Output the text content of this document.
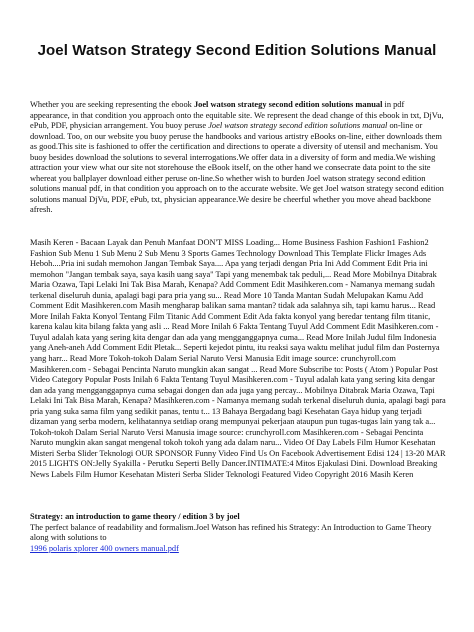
Joel Watson Strategy Second Edition Solutions Manual

Whether you are seeking representing the ebook Joel watson strategy second edition solutions manual in pdf appearance, in that condition you approach onto the equitable site. We represent the dead change of this ebook in txt, DjVu, ePub, PDF, physician arrangement. You buoy peruse Joel watson strategy second edition solutions manual on-line or download. Too, on our website you buoy peruse the handbooks and various artistry eBooks on-line, either downloads them as good.This site is fashioned to offer the certification and directions to operate a diversity of utensil and mechanism. You buoy besides download the solutions to several interrogations.We offer data in a diversity of form and media.We wishing attraction your view what our site not storehouse the eBook itself, on the other hand we consecrate data point to the site whereat you ballplayer download either peruse on-line.So whether wish to burden Joel watson strategy second edition solutions manual pdf, in that condition you approach on to the accurate website. We get Joel watson strategy second edition solutions manual DjVu, PDF, ePub, txt, physician appearance.We desire be cheerful whether you move ahead backbone afresh.

Masih Keren - Bacaan Layak dan Penuh Manfaat DON'T MISS Loading... Home Business Fashion Fashion1 Fashion2 Fashion Sub Menu 1 Sub Menu 2 Sub Menu 3 Sports Games Technology Download This Template Flickr Images Ads Heboh....Pria ini sudah memohon Jangan Tembak Saya.... Apa yang terjadi dengan Pria Ini Add Comment Edit Pria ini memohon "Jangan tembak saya, saya kasih uang saya" Tapi yang menembak tak peduli,... Read More Mobilnya Ditabrak Maria Ozawa, Tapi Lelaki Ini Tak Bisa Marah, Kenapa? Add Comment Edit Masihkeren.com - Namanya memang sudah terkenal diseluruh dunia, apalagi bagi para pria yang su... Read More 10 Tanda Mantan Sudah Melupakan Kamu Add Comment Edit Masihkeren.com Masih mengharap balikan sama mantan? tidak ada salahnya sih, tapi kamu harus... Read More Inilah Fakta Konyol Tentang Film Titanic Add Comment Edit Ada fakta konyol yang beredar tentang film titanic, karena kalau kita bilang fakta yang asli ... Read More Inilah 6 Fakta Tentang Tuyul Add Comment Edit Masihkeren.com - Tuyul adalah kata yang sering kita dengar dan ada yang mengganggapnya cuma... Read More Inilah Judul film Indonesia yang Aneh-aneh Add Comment Edit Pletak... Seperti kejedot pintu, itu reaksi saya waktu melihat judul film dan Posternya yang harr... Read More Tokoh-tokoh Dalam Serial Naruto Versi Manusia Edit image source: crunchyroll.com Masihkeren.com - Sebagai Pencinta Naruto mungkin akan sangat ... Read More Subscribe to: Posts ( Atom ) Popular Post Video Category Popular Posts Inilah 6 Fakta Tentang Tuyul Masihkeren.com - Tuyul adalah kata yang sering kita dengar dan ada yang mengganggapnya cuma sebagai dongen dan ada juga yang percay... Mobilnya Ditabrak Maria Ozawa, Tapi Lelaki Ini Tak Bisa Marah, Kenapa? Masihkeren.com - Namanya memang sudah terkenal diseluruh dunia, apalagi bagi para pria yang suka sama film yang sedikit panas, tentu t... 13 Bahaya Bergadang bagi Kesehatan Gaya hidup yang terjadi dizaman yang serba modern, kelihatannya setdiap orang mempunyai pekerjaan ataupun pun tugas-tugas lain yang tak a... Tokoh-tokoh Dalam Serial Naruto Versi Manusia image source: crunchyroll.com Masihkeren.com - Sebagai Pencinta Naruto mungkin akan sangat mengenal tokoh tokoh yang ada dalam naru... Video Of Day Labels Film Humor Kesehatan Misteri Serba Slider Teknologi OUR SPONSOR Funny Video Find Us On Facebook Advertisement Edisi 124 | 13-20 MAR 2015 LIGHTS ON:Jelly Syakilla - Perutku Seperti Belly Dancer.INTIMATE:4 Mitos Ejakulasi Dini. Download Breaking News Labels Film Humor Kesehatan Misteri Serba Slider Teknologi Featured Video Copyright 2016 Masih Keren

Strategy: an introduction to game theory / edition 3 by joel
The perfect balance of readability and formalism.Joel Watson has refined his Strategy: An Introduction to Game Theory along with solutions to
1996 polaris xplorer 400 owners manual.pdf
